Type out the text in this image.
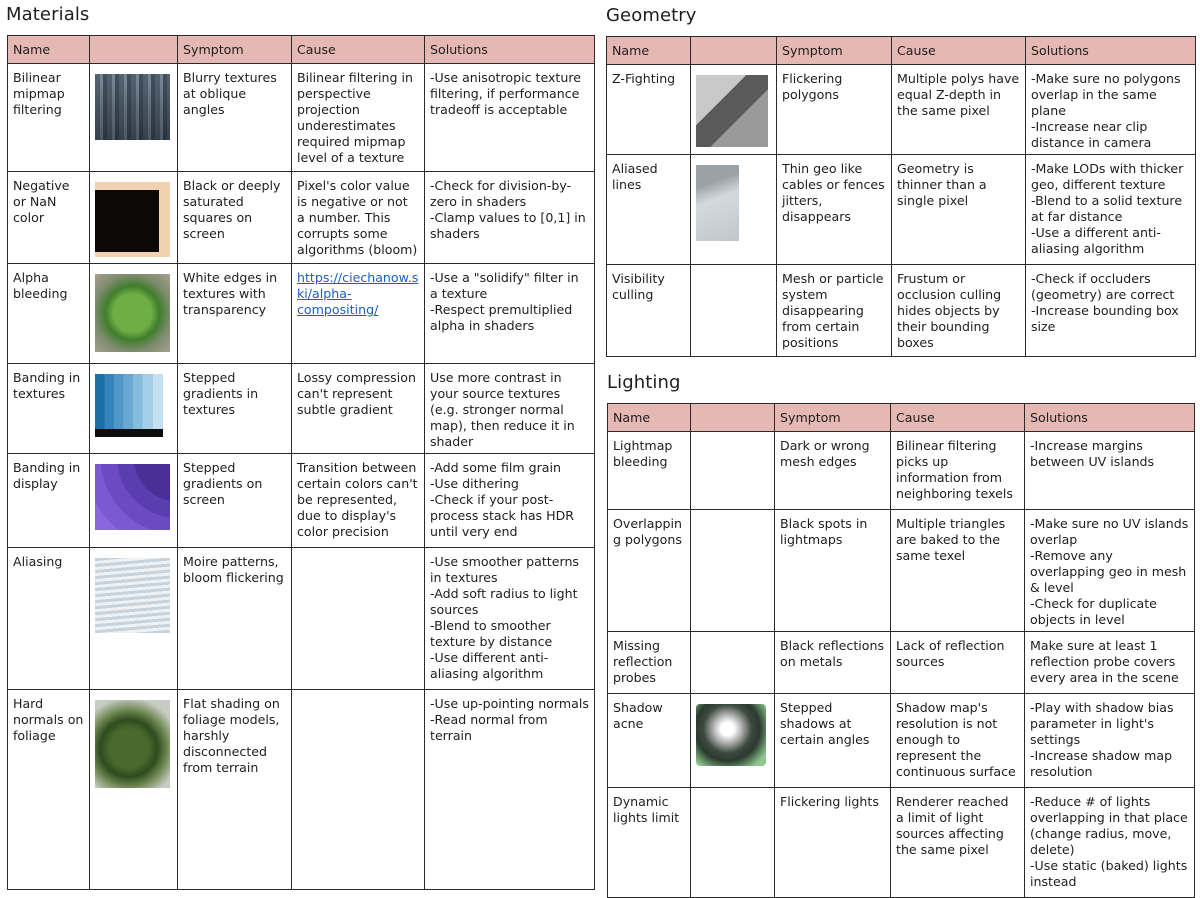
Materials
Name		Symptom	Cause	Solutions
Bilinear mipmap filtering		Blurry textures at oblique angles	Bilinear filtering in perspective projection underestimates required mipmap level of a texture	-Use anisotropic texture filtering, if performance tradeoff is acceptable
Negative or NaN color		Black or deeply saturated squares on screen	Pixel's color value is negative or not a number. This corrupts some algorithms (bloom)	-Check for division-by-zero in shaders
-Clamp values to [0,1] in shaders
Alpha bleeding		White edges in textures with transparency	https://ciechanow.ski/alpha-compositing/	-Use a "solidify" filter in a texture
-Respect premultiplied alpha in shaders
Banding in textures		Stepped gradients in textures	Lossy compression can't represent subtle gradient	Use more contrast in your source textures (e.g. stronger normal map), then reduce it in shader
Banding in display		Stepped gradients on screen	Transition between certain colors can't be represented, due to display's color precision	-Add some film grain
-Use dithering
-Check if your post-process stack has HDR until very end
Aliasing		Moire patterns, bloom flickering		-Use smoother patterns in textures
-Add soft radius to light sources
-Blend to smoother texture by distance
-Use different anti-aliasing algorithm
Hard normals on foliage		Flat shading on foliage models, harshly disconnected from terrain		-Use up-pointing normals
-Read normal from terrain
Geometry
Name		Symptom	Cause	Solutions
Z-Fighting		Flickering polygons	Multiple polys have equal Z-depth in the same pixel	-Make sure no polygons overlap in the same plane
-Increase near clip distance in camera
Aliased lines		Thin geo like cables or fences jitters, disappears	Geometry is thinner than a single pixel	-Make LODs with thicker geo, different texture
-Blend to a solid texture at far distance
-Use a different anti-aliasing algorithm
Visibility culling		Mesh or particle system disappearing from certain positions	Frustum or occlusion culling hides objects by their bounding boxes	-Check if occluders (geometry) are correct
-Increase bounding box size
Lighting
Name		Symptom	Cause	Solutions
Lightmap bleeding		Dark or wrong mesh edges	Bilinear filtering picks up information from neighboring texels	-Increase margins between UV islands
Overlapping polygons		Black spots in lightmaps	Multiple triangles are baked to the same texel	-Make sure no UV islands overlap
-Remove any overlapping geo in mesh & level
-Check for duplicate objects in level
Missing reflection probes		Black reflections on metals	Lack of reflection sources	Make sure at least 1 reflection probe covers every area in the scene
Shadow acne		Stepped shadows at certain angles	Shadow map's resolution is not enough to represent the continuous surface	-Play with shadow bias parameter in light's settings
-Increase shadow map resolution
Dynamic lights limit		Flickering lights	Renderer reached a limit of light sources affecting the same pixel	-Reduce # of lights overlapping in that place (change radius, move, delete)
-Use static (baked) lights instead
